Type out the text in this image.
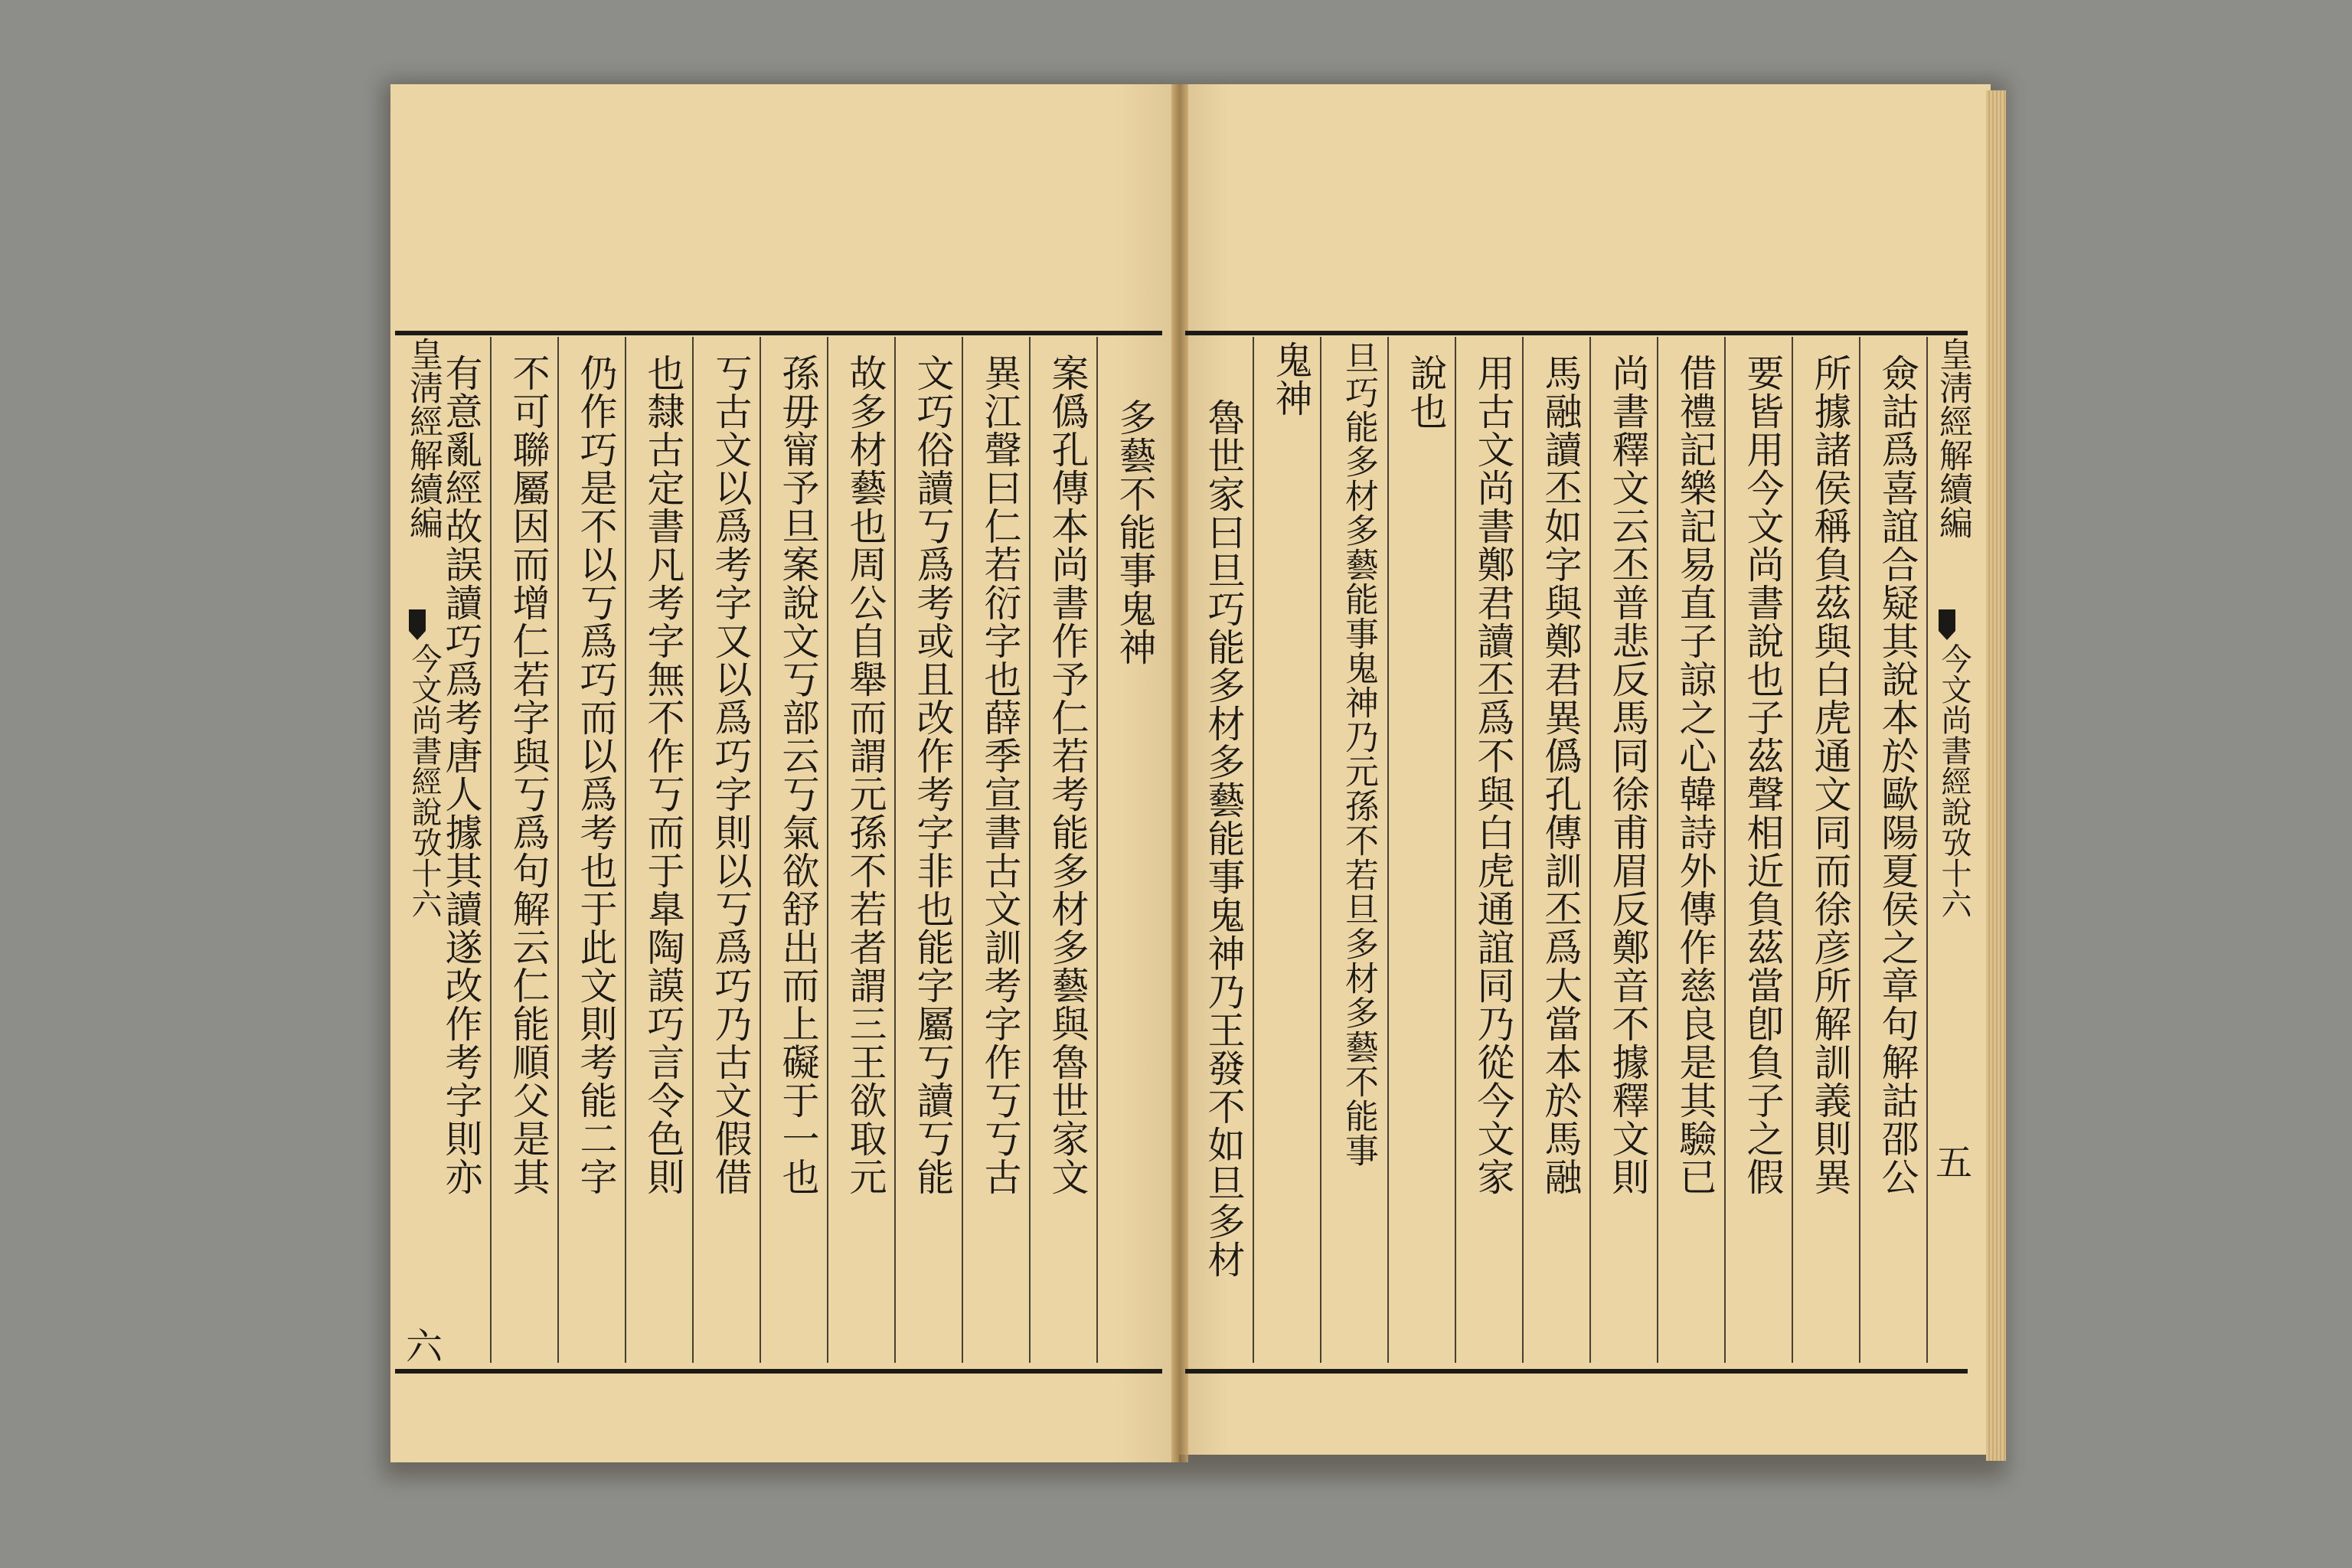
多藝不能事鬼神
案僞孔傳本尚書作予仁若考能多材多藝與魯世家文
異江聲曰仁若衍字也薛季宣書古文訓考字作丂丂古
文巧俗讀丂爲考或且改作考字非也能字屬丂讀丂能
故多材藝也周公自舉而謂元孫不若者謂三王欲取元
孫毋甯予旦案說文丂部云丂氣欲舒出而上礙于一也
丂古文以爲考字又以爲巧字則以丂爲巧乃古文假借
也隸古定書凡考字無不作丂而于臯陶謨巧言令色則
仍作巧是不以丂爲巧而以爲考也于此文則考能二字
不可聯屬因而增仁若字與丂爲句解云仁能順父是其
有意亂經故誤讀巧爲考唐人據其讀遂改作考字則亦
皇淸經解續編
今文尚書經說攷十六
六
僉詁爲喜誼合疑其說本於歐陽夏侯之章句解詁邵公
所據諸侯稱負茲與白虎通文同而徐彦所解訓義則異
要皆用今文尚書說也子茲聲相近負茲當卽負子之假
借禮記樂記易直子諒之心韓詩外傳作慈良是其驗已
尚書釋文云丕普悲反馬同徐甫眉反鄭音不據釋文則
馬融讀丕如字與鄭君異僞孔傳訓丕爲大當本於馬融
用古文尚書鄭君讀丕爲不與白虎通誼同乃從今文家
說也
旦巧能多材多藝能事鬼神乃元孫不若旦多材多藝不能事
鬼神
魯世家曰旦巧能多材多藝能事鬼神乃王發不如旦多材	皇淸經解續編
今文尚書經說攷十六
五
